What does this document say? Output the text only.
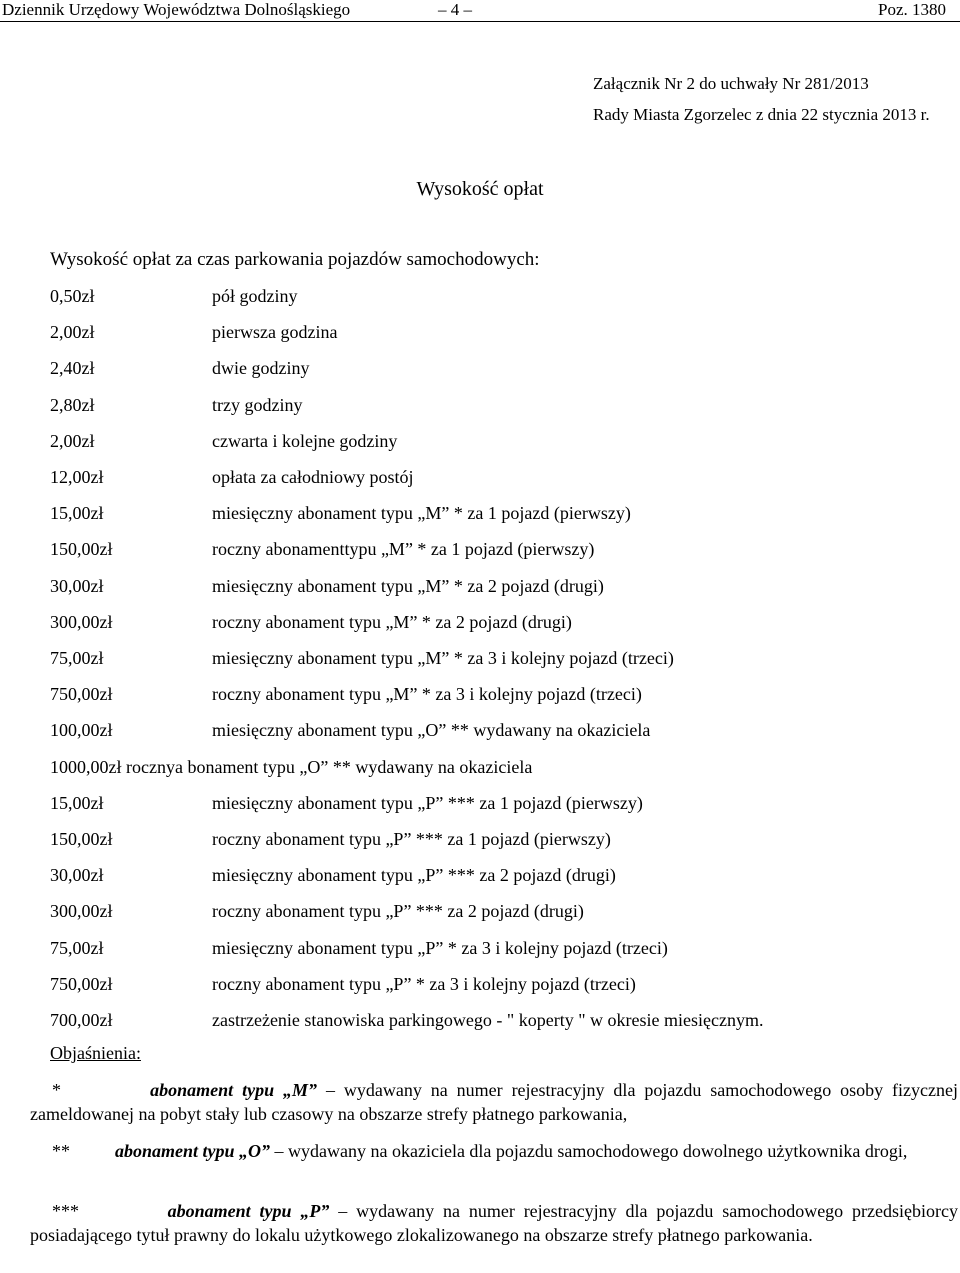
Dziennik Urzędowy Województwa Dolnośląskiego	– 4 –	Poz. 1380
Załącznik Nr 2 do uchwały Nr 281/2013
Rady Miasta Zgorzelec z dnia 22 stycznia 2013 r.
Wysokość opłat
Wysokość opłat za czas parkowania pojazdów samochodowych:
0,50zł	pół godziny
2,00zł	pierwsza godzina
2,40zł	dwie godziny
2,80zł	trzy godziny
2,00zł	czwarta i kolejne godziny
12,00zł	opłata za całodniowy postój
15,00zł	miesięczny abonament typu „M” * za 1 pojazd (pierwszy)
150,00zł	roczny abonamenttypu „M” * za 1 pojazd (pierwszy)
30,00zł	miesięczny abonament typu „M” * za 2 pojazd (drugi)
300,00zł	roczny abonament typu „M” * za 2 pojazd (drugi)
75,00zł	miesięczny abonament typu „M” * za 3 i kolejny pojazd (trzeci)
750,00zł	roczny abonament typu „M” * za 3 i kolejny pojazd (trzeci)
100,00zł	miesięczny abonament typu „O” ** wydawany na okaziciela
1000,00zł rocznya bonament typu „O” ** wydawany na okaziciela
15,00zł	miesięczny abonament typu „P” *** za 1 pojazd (pierwszy)
150,00zł	roczny abonament typu „P” *** za 1 pojazd (pierwszy)
30,00zł	miesięczny abonament typu „P” *** za 2 pojazd (drugi)
300,00zł	roczny abonament typu „P” *** za 2 pojazd (drugi)
75,00zł	miesięczny abonament typu „P” * za 3 i kolejny pojazd (trzeci)
750,00zł	roczny abonament typu „P” * za 3 i kolejny pojazd (trzeci)
700,00zł	zastrzeżenie stanowiska parkingowego - " koperty " w okresie miesięcznym.
Objaśnienia:
*	abonament typu „M” – wydawany na numer rejestracyjny dla pojazdu samochodowego osoby fizycznej zameldowanej na pobyt stały lub czasowy na obszarze strefy płatnego parkowania,
**	abonament typu „O” – wydawany na okaziciela dla pojazdu samochodowego dowolnego użytkownika drogi,
***	abonament typu „P” – wydawany na numer rejestracyjny dla pojazdu samochodowego przedsiębiorcy posiadającego tytuł prawny do lokalu użytkowego zlokalizowanego na obszarze strefy płatnego parkowania.
